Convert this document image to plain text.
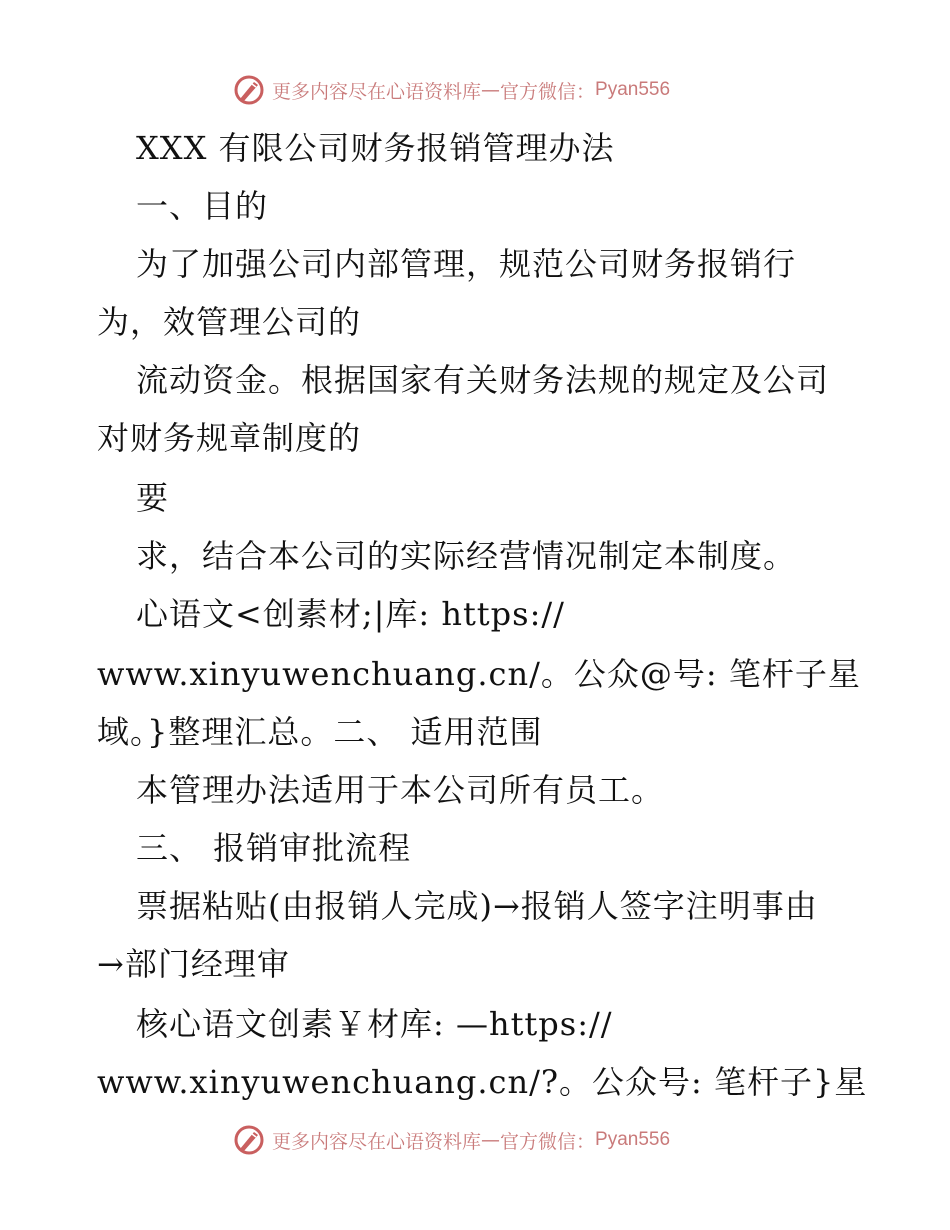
更多内容尽在心语资料库 — 官方微信： Pyan556
XXX 有限公司财务报销管理办法
一、目的
为了加强公司内部管理，规范公司财务报销行
为，效管理公司的
流动资金。根据国家有关财务法规的规定及公司
对财务规章制度的
要
求，结合本公司的实际经营情况制定本制度。
心语文<创素材;|库: https://
www.xinyuwenchuang.cn/。公众@号: 笔杆子星
域。}整理汇总。二、 适用范围
本管理办法适用于本公司所有员工。
三、 报销审批流程
票据粘贴(由报销人完成)→报销人签字注明事由
→部门经理审
核心语文创素￥材库: —https://
www.xinyuwenchuang.cn/?。公众号: 笔杆子}星
更多内容尽在心语资料库 — 官方微信： Pyan556
